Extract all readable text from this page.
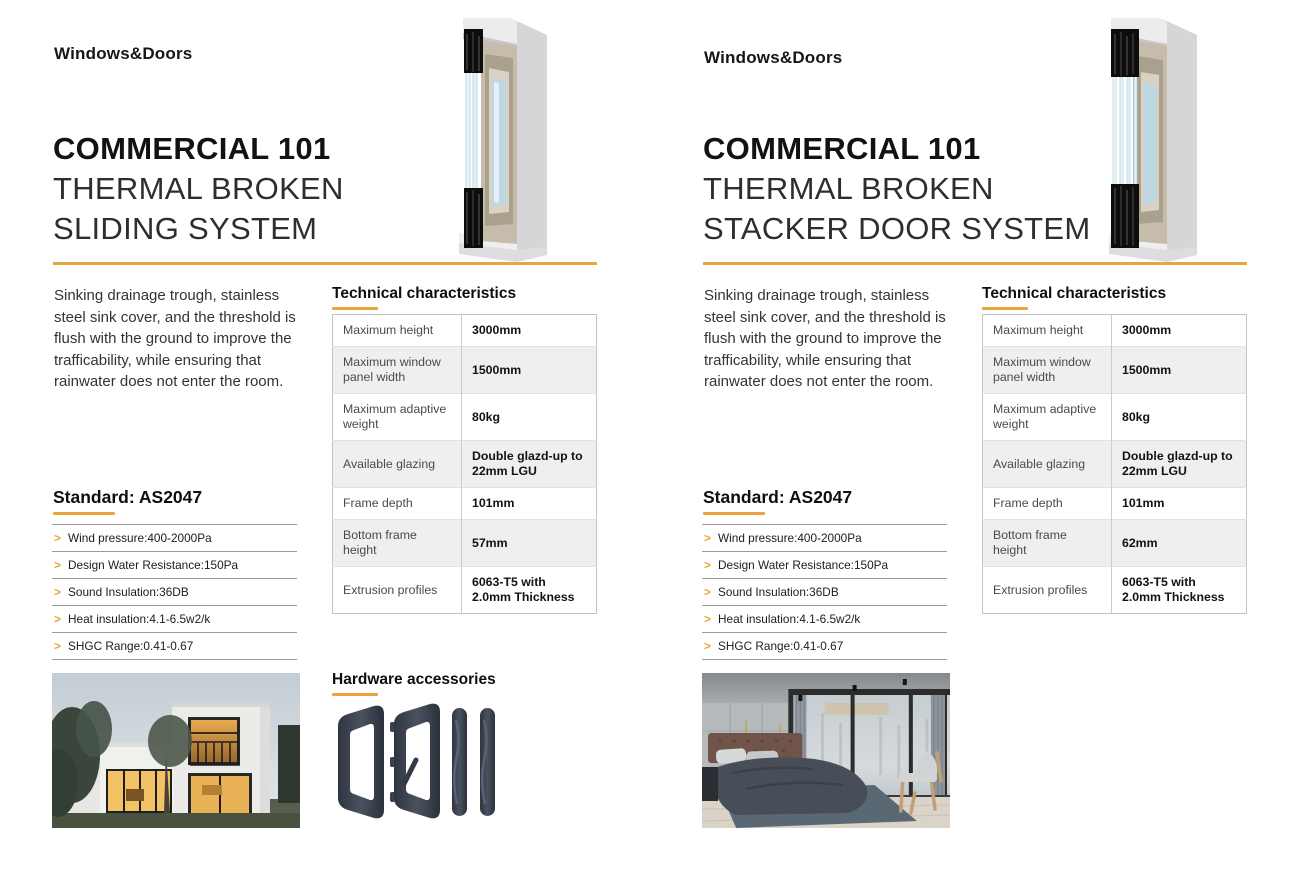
Windows&Doors
COMMERCIAL 101
THERMAL BROKEN
SLIDING SYSTEM
Sinking drainage trough, stainless steel sink cover, and the threshold is flush with the ground to improve the trafficability, while ensuring that rainwater does not enter the room.
Technical characteristics
Maximum height	3000mm
Maximum window panel width	1500mm
Maximum adaptive weight	80kg
Available glazing	Double glazd-up to 22mm LGU
Frame depth	101mm
Bottom frame height	57mm
Extrusion profiles	6063-T5 with 2.0mm Thickness
Standard: AS2047
> Wind pressure:400-2000Pa
> Design Water Resistance:150Pa
> Sound Insulation:36DB
> Heat insulation:4.1-6.5w2/k
> SHGC Range:0.41-0.67
Hardware accessories
Windows&Doors
COMMERCIAL 101
THERMAL BROKEN
STACKER DOOR SYSTEM
Sinking drainage trough, stainless steel sink cover, and the threshold is flush with the ground to improve the trafficability, while ensuring that rainwater does not enter the room.
Technical characteristics
Maximum height	3000mm
Maximum window panel width	1500mm
Maximum adaptive weight	80kg
Available glazing	Double glazd-up to 22mm LGU
Frame depth	101mm
Bottom frame height	62mm
Extrusion profiles	6063-T5 with 2.0mm Thickness
Standard: AS2047
> Wind pressure:400-2000Pa
> Design Water Resistance:150Pa
> Sound Insulation:36DB
> Heat insulation:4.1-6.5w2/k
> SHGC Range:0.41-0.67
